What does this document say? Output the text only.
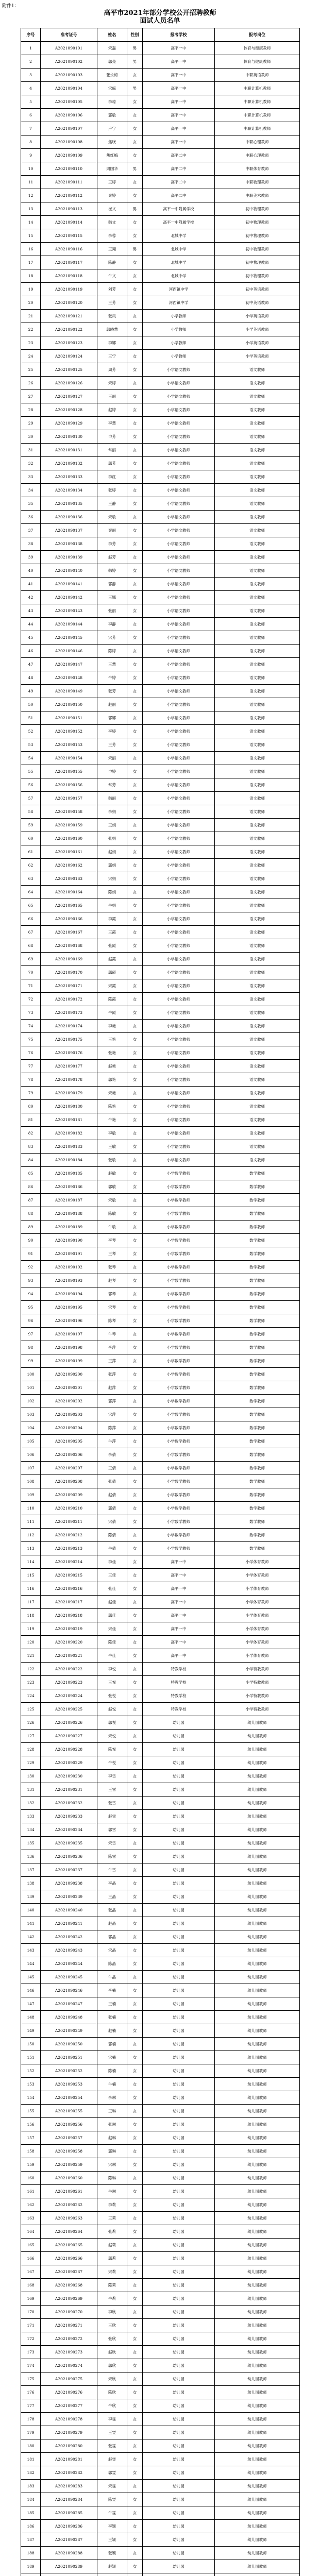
附件1：
高平市2021年部分学校公开招聘教师
面试人员名单
序号	准考证号	姓名	性别	报考学校	报考岗位
1	A2021090101	宋磊	男	高平一中	体育与健康教师
2	A2021090102	郭亮	男	高平一中	体育与健康教师
3	A2021090103	张永梅	女	高平一中	中职英语教师
4	A2021090104	宋庭	男	高平一中	中职计算机教师
5	A2021090105	李琼	女	高平一中	中职计算机教师
6	A2021090106	郭敏	女	高平一中	中职计算机教师
7	A2021090107	卢宁	女	高平一中	中职计算机教师
8	A2021090108	焦晓	女	高平一中	中职心理教师
9	A2021090109	焦红梅	女	高平二中	中职心理教师
10	A2021090110	周国华	男	高平二中	中职体育教师
11	A2021090111	王婷	女	高平二中	中职物理教师
12	A2021090112	秦婷	女	高平二中	中职美术教师
13	A2021090113	崔文	男	高平一中附属学校	初中物理教师
14	A2021090114	韩文	女	高平一中附属学校	初中物理教师
15	A2021090115	李蓉	女	北城中学	初中物理教师
16	A2021090116	王翔	男	北城中学	初中物理教师
17	A2021090117	陈静	女	北城中学	初中物理教师
18	A2021090118	牛文	女	北城中学	初中物理教师
19	A2021090119	刘芳	女	河西镇中学	初中英语教师
20	A2021090120	王芳	女	河西镇中学	初中英语教师
21	A2021090121	张凤	女	小学教师	小学英语教师
22	A2021090122	郭晓慧	女	小学教师	小学英语教师
23	A2021090123	李娜	女	小学教师	小学英语教师
24	A2021090124	王宁	女	小学教师	小学英语教师
25	A2021090125	周芳	女	小学语文教师	语文教师
26	A2021090126	宋婷	女	小学语文教师	语文教师
27	A2021090127	王丽	女	小学语文教师	语文教师
28	A2021090128	赵婷	女	小学语文教师	语文教师
29	A2021090129	李慧	女	小学语文教师	语文教师
30	A2021090130	申芳	女	小学语文教师	语文教师
31	A2021090131	常丽	女	小学语文教师	语文教师
32	A2021090132	郭芳	女	小学语文教师	语文教师
33	A2021090133	李红	女	小学语文教师	语文教师
34	A2021090134	张婷	女	小学语文教师	语文教师
35	A2021090135	王静	女	小学语文教师	语文教师
36	A2021090136	宋敏	女	小学语文教师	语文教师
37	A2021090137	秦丽	女	小学语文教师	语文教师
38	A2021090138	李芳	女	小学语文教师	语文教师
39	A2021090139	赵芳	女	小学语文教师	语文教师
40	A2021090140	韩婷	女	小学语文教师	语文教师
41	A2021090141	郭静	女	小学语文教师	语文教师
42	A2021090142	王娜	女	小学语文教师	语文教师
43	A2021090143	张丽	女	小学语文教师	语文教师
44	A2021090144	李静	女	小学语文教师	语文教师
45	A2021090145	宋芳	女	小学语文教师	语文教师
46	A2021090146	陈婷	女	小学语文教师	语文教师
47	A2021090147	王慧	女	小学语文教师	语文教师
48	A2021090148	牛婷	女	小学语文教师	语文教师
49	A2021090149	张芳	女	小学语文教师	语文教师
50	A2021090150	赵丽	女	小学语文教师	语文教师
51	A2021090151	郭娜	女	小学语文教师	语文教师
52	A2021090152	李婷	女	小学语文教师	语文教师
53	A2021090153	王芳	女	小学语文教师	语文教师
54	A2021090154	宋丽	女	小学语文教师	语文教师
55	A2021090155	申婷	女	小学语文教师	语文教师
56	A2021090156	常芳	女	小学语文教师	语文教师
57	A2021090157	韩丽	女	小学语文教师	语文教师
58	A2021090158	李娟	女	小学语文教师	语文教师
59	A2021090159	王娟	女	小学语文教师	语文教师
60	A2021090160	张娟	女	小学语文教师	语文教师
61	A2021090161	赵娟	女	小学语文教师	语文教师
62	A2021090162	郭娟	女	小学语文教师	语文教师
63	A2021090163	宋娟	女	小学语文教师	语文教师
64	A2021090164	陈娟	女	小学语文教师	语文教师
65	A2021090165	牛娟	女	小学语文教师	语文教师
66	A2021090166	李霞	女	小学语文教师	语文教师
67	A2021090167	王霞	女	小学语文教师	语文教师
68	A2021090168	张霞	女	小学语文教师	语文教师
69	A2021090169	赵霞	女	小学语文教师	语文教师
70	A2021090170	郭霞	女	小学语文教师	语文教师
71	A2021090171	宋霞	女	小学语文教师	语文教师
72	A2021090172	陈霞	女	小学语文教师	语文教师
73	A2021090173	牛霞	女	小学语文教师	语文教师
74	A2021090174	李艳	女	小学语文教师	语文教师
75	A2021090175	王艳	女	小学语文教师	语文教师
76	A2021090176	张艳	女	小学语文教师	语文教师
77	A2021090177	赵艳	女	小学语文教师	语文教师
78	A2021090178	郭艳	女	小学语文教师	语文教师
79	A2021090179	宋艳	女	小学语文教师	语文教师
80	A2021090180	陈艳	女	小学语文教师	语文教师
81	A2021090181	牛艳	女	小学语文教师	语文教师
82	A2021090182	李敏	女	小学语文教师	语文教师
83	A2021090183	王敏	女	小学语文教师	语文教师
84	A2021090184	张敏	女	小学语文教师	语文教师
85	A2021090185	赵敏	女	小学数学教师	数学教师
86	A2021090186	郭敏	女	小学数学教师	数学教师
87	A2021090187	宋敏	女	小学数学教师	数学教师
88	A2021090188	陈敏	女	小学数学教师	数学教师
89	A2021090189	牛敏	女	小学数学教师	数学教师
90	A2021090190	李琴	女	小学数学教师	数学教师
91	A2021090191	王琴	女	小学数学教师	数学教师
92	A2021090192	张琴	女	小学数学教师	数学教师
93	A2021090193	赵琴	女	小学数学教师	数学教师
94	A2021090194	郭琴	女	小学数学教师	数学教师
95	A2021090195	宋琴	女	小学数学教师	数学教师
96	A2021090196	陈琴	女	小学数学教师	数学教师
97	A2021090197	牛琴	女	小学数学教师	数学教师
98	A2021090198	李萍	女	小学数学教师	数学教师
99	A2021090199	王萍	女	小学数学教师	数学教师
100	A2021090200	张萍	女	小学数学教师	数学教师
101	A2021090201	赵萍	女	小学数学教师	数学教师
102	A2021090202	郭萍	女	小学数学教师	数学教师
103	A2021090203	宋萍	女	小学数学教师	数学教师
104	A2021090204	陈萍	女	小学数学教师	数学教师
105	A2021090205	牛萍	女	小学数学教师	数学教师
106	A2021090206	李倩	女	小学数学教师	数学教师
107	A2021090207	王倩	女	小学数学教师	数学教师
108	A2021090208	张倩	女	小学数学教师	数学教师
109	A2021090209	赵倩	女	小学数学教师	数学教师
110	A2021090210	郭倩	女	小学数学教师	数学教师
111	A2021090211	宋倩	女	小学数学教师	数学教师
112	A2021090212	陈倩	女	小学数学教师	数学教师
113	A2021090213	牛倩	女	小学数学教师	数学教师
114	A2021090214	李佳	女	高平一中	小学体育教师
115	A2021090215	王佳	女	高平一中	小学体育教师
116	A2021090216	张佳	女	高平一中	小学体育教师
117	A2021090217	赵佳	女	高平一中	小学体育教师
118	A2021090218	郭佳	女	高平一中	小学体育教师
119	A2021090219	宋佳	女	高平一中	小学体育教师
120	A2021090220	陈佳	女	高平一中	小学体育教师
121	A2021090221	牛佳	女	高平一中	小学体育教师
122	A2021090222	李悦	女	特教学校	小学特教教师
123	A2021090223	王悦	女	特教学校	小学特教教师
124	A2021090224	张悦	女	特教学校	小学特教教师
125	A2021090225	赵悦	女	特教学校	小学特教教师
126	A2021090226	郭悦	女	幼儿园	幼儿园教师
127	A2021090227	宋悦	女	幼儿园	幼儿园教师
128	A2021090228	陈悦	女	幼儿园	幼儿园教师
129	A2021090229	牛悦	女	幼儿园	幼儿园教师
130	A2021090230	李雪	女	幼儿园	幼儿园教师
131	A2021090231	王雪	女	幼儿园	幼儿园教师
132	A2021090232	张雪	女	幼儿园	幼儿园教师
133	A2021090233	赵雪	女	幼儿园	幼儿园教师
134	A2021090234	郭雪	女	幼儿园	幼儿园教师
135	A2021090235	宋雪	女	幼儿园	幼儿园教师
136	A2021090236	陈雪	女	幼儿园	幼儿园教师
137	A2021090237	牛雪	女	幼儿园	幼儿园教师
138	A2021090238	李晶	女	幼儿园	幼儿园教师
139	A2021090239	王晶	女	幼儿园	幼儿园教师
140	A2021090240	张晶	女	幼儿园	幼儿园教师
141	A2021090241	赵晶	女	幼儿园	幼儿园教师
142	A2021090242	郭晶	女	幼儿园	幼儿园教师
143	A2021090243	宋晶	女	幼儿园	幼儿园教师
144	A2021090244	陈晶	女	幼儿园	幼儿园教师
145	A2021090245	牛晶	女	幼儿园	幼儿园教师
146	A2021090246	李楠	女	幼儿园	幼儿园教师
147	A2021090247	王楠	女	幼儿园	幼儿园教师
148	A2021090248	张楠	女	幼儿园	幼儿园教师
149	A2021090249	赵楠	女	幼儿园	幼儿园教师
150	A2021090250	郭楠	女	幼儿园	幼儿园教师
151	A2021090251	宋楠	女	幼儿园	幼儿园教师
152	A2021090252	陈楠	女	幼儿园	幼儿园教师
153	A2021090253	牛楠	女	幼儿园	幼儿园教师
154	A2021090254	李琳	女	幼儿园	幼儿园教师
155	A2021090255	王琳	女	幼儿园	幼儿园教师
156	A2021090256	张琳	女	幼儿园	幼儿园教师
157	A2021090257	赵琳	女	幼儿园	幼儿园教师
158	A2021090258	郭琳	女	幼儿园	幼儿园教师
159	A2021090259	宋琳	女	幼儿园	幼儿园教师
160	A2021090260	陈琳	女	幼儿园	幼儿园教师
161	A2021090261	牛琳	女	幼儿园	幼儿园教师
162	A2021090262	李莉	女	幼儿园	幼儿园教师
163	A2021090263	王莉	女	幼儿园	幼儿园教师
164	A2021090264	张莉	女	幼儿园	幼儿园教师
165	A2021090265	赵莉	女	幼儿园	幼儿园教师
166	A2021090266	郭莉	女	幼儿园	幼儿园教师
167	A2021090267	宋莉	女	幼儿园	幼儿园教师
168	A2021090268	陈莉	女	幼儿园	幼儿园教师
169	A2021090269	牛莉	女	幼儿园	幼儿园教师
170	A2021090270	李欣	女	幼儿园	幼儿园教师
171	A2021090271	王欣	女	幼儿园	幼儿园教师
172	A2021090272	张欣	女	幼儿园	幼儿园教师
173	A2021090273	赵欣	女	幼儿园	幼儿园教师
174	A2021090274	郭欣	女	幼儿园	幼儿园教师
175	A2021090275	宋欣	女	幼儿园	幼儿园教师
176	A2021090276	陈欣	女	幼儿园	幼儿园教师
177	A2021090277	牛欣	女	幼儿园	幼儿园教师
178	A2021090278	李雯	女	幼儿园	幼儿园教师
179	A2021090279	王雯	女	幼儿园	幼儿园教师
180	A2021090280	张雯	女	幼儿园	幼儿园教师
181	A2021090281	赵雯	女	幼儿园	幼儿园教师
182	A2021090282	郭雯	女	幼儿园	幼儿园教师
183	A2021090283	宋雯	女	幼儿园	幼儿园教师
184	A2021090284	陈雯	女	幼儿园	幼儿园教师
185	A2021090285	牛雯	女	幼儿园	幼儿园教师
186	A2021090286	李颖	女	幼儿园	幼儿园教师
187	A2021090287	王颖	女	幼儿园	幼儿园教师
188	A2021090288	张颖	女	幼儿园	幼儿园教师
189	A2021090289	赵颖	女	幼儿园	幼儿园教师
